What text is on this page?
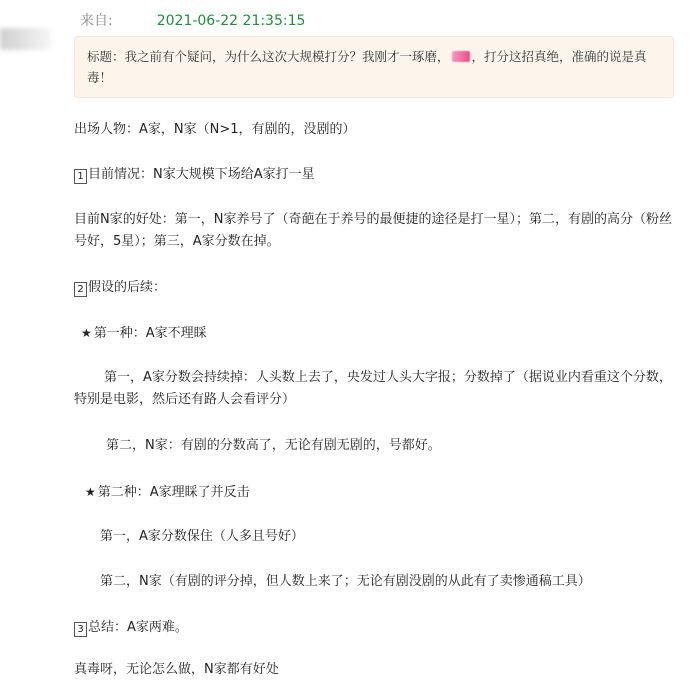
来自:	2021-06-22 21:35:15
标题：我之前有个疑问，为什么这次大规模打分？我刚才一琢磨， ，打分这招真绝，准确的说是真毒！

出场人物：A家，N家（N>1，有剧的，没剧的）

1 目前情况：N家大规模下场给A家打一星

目前N家的好处：第一，N家养号了（奇葩在于养号的最便捷的途径是打一星）；第二，有剧的高分（粉丝号好，5星）；第三，A家分数在掉。

2 假设的后续：

★ 第一种：A家不理睬

第一，A家分数会持续掉：人头数上去了，央发过人头大字报；分数掉了（据说业内看重这个分数，特别是电影，然后还有路人会看评分）

第二，N家：有剧的分数高了，无论有剧无剧的，号都好。

★ 第二种：A家理睬了并反击

第一，A家分数保住（人多且号好）

第二，N家（有剧的评分掉，但人数上来了；无论有剧没剧的从此有了卖惨通稿工具）

3 总结：A家两难。

真毒呀，无论怎么做，N家都有好处
